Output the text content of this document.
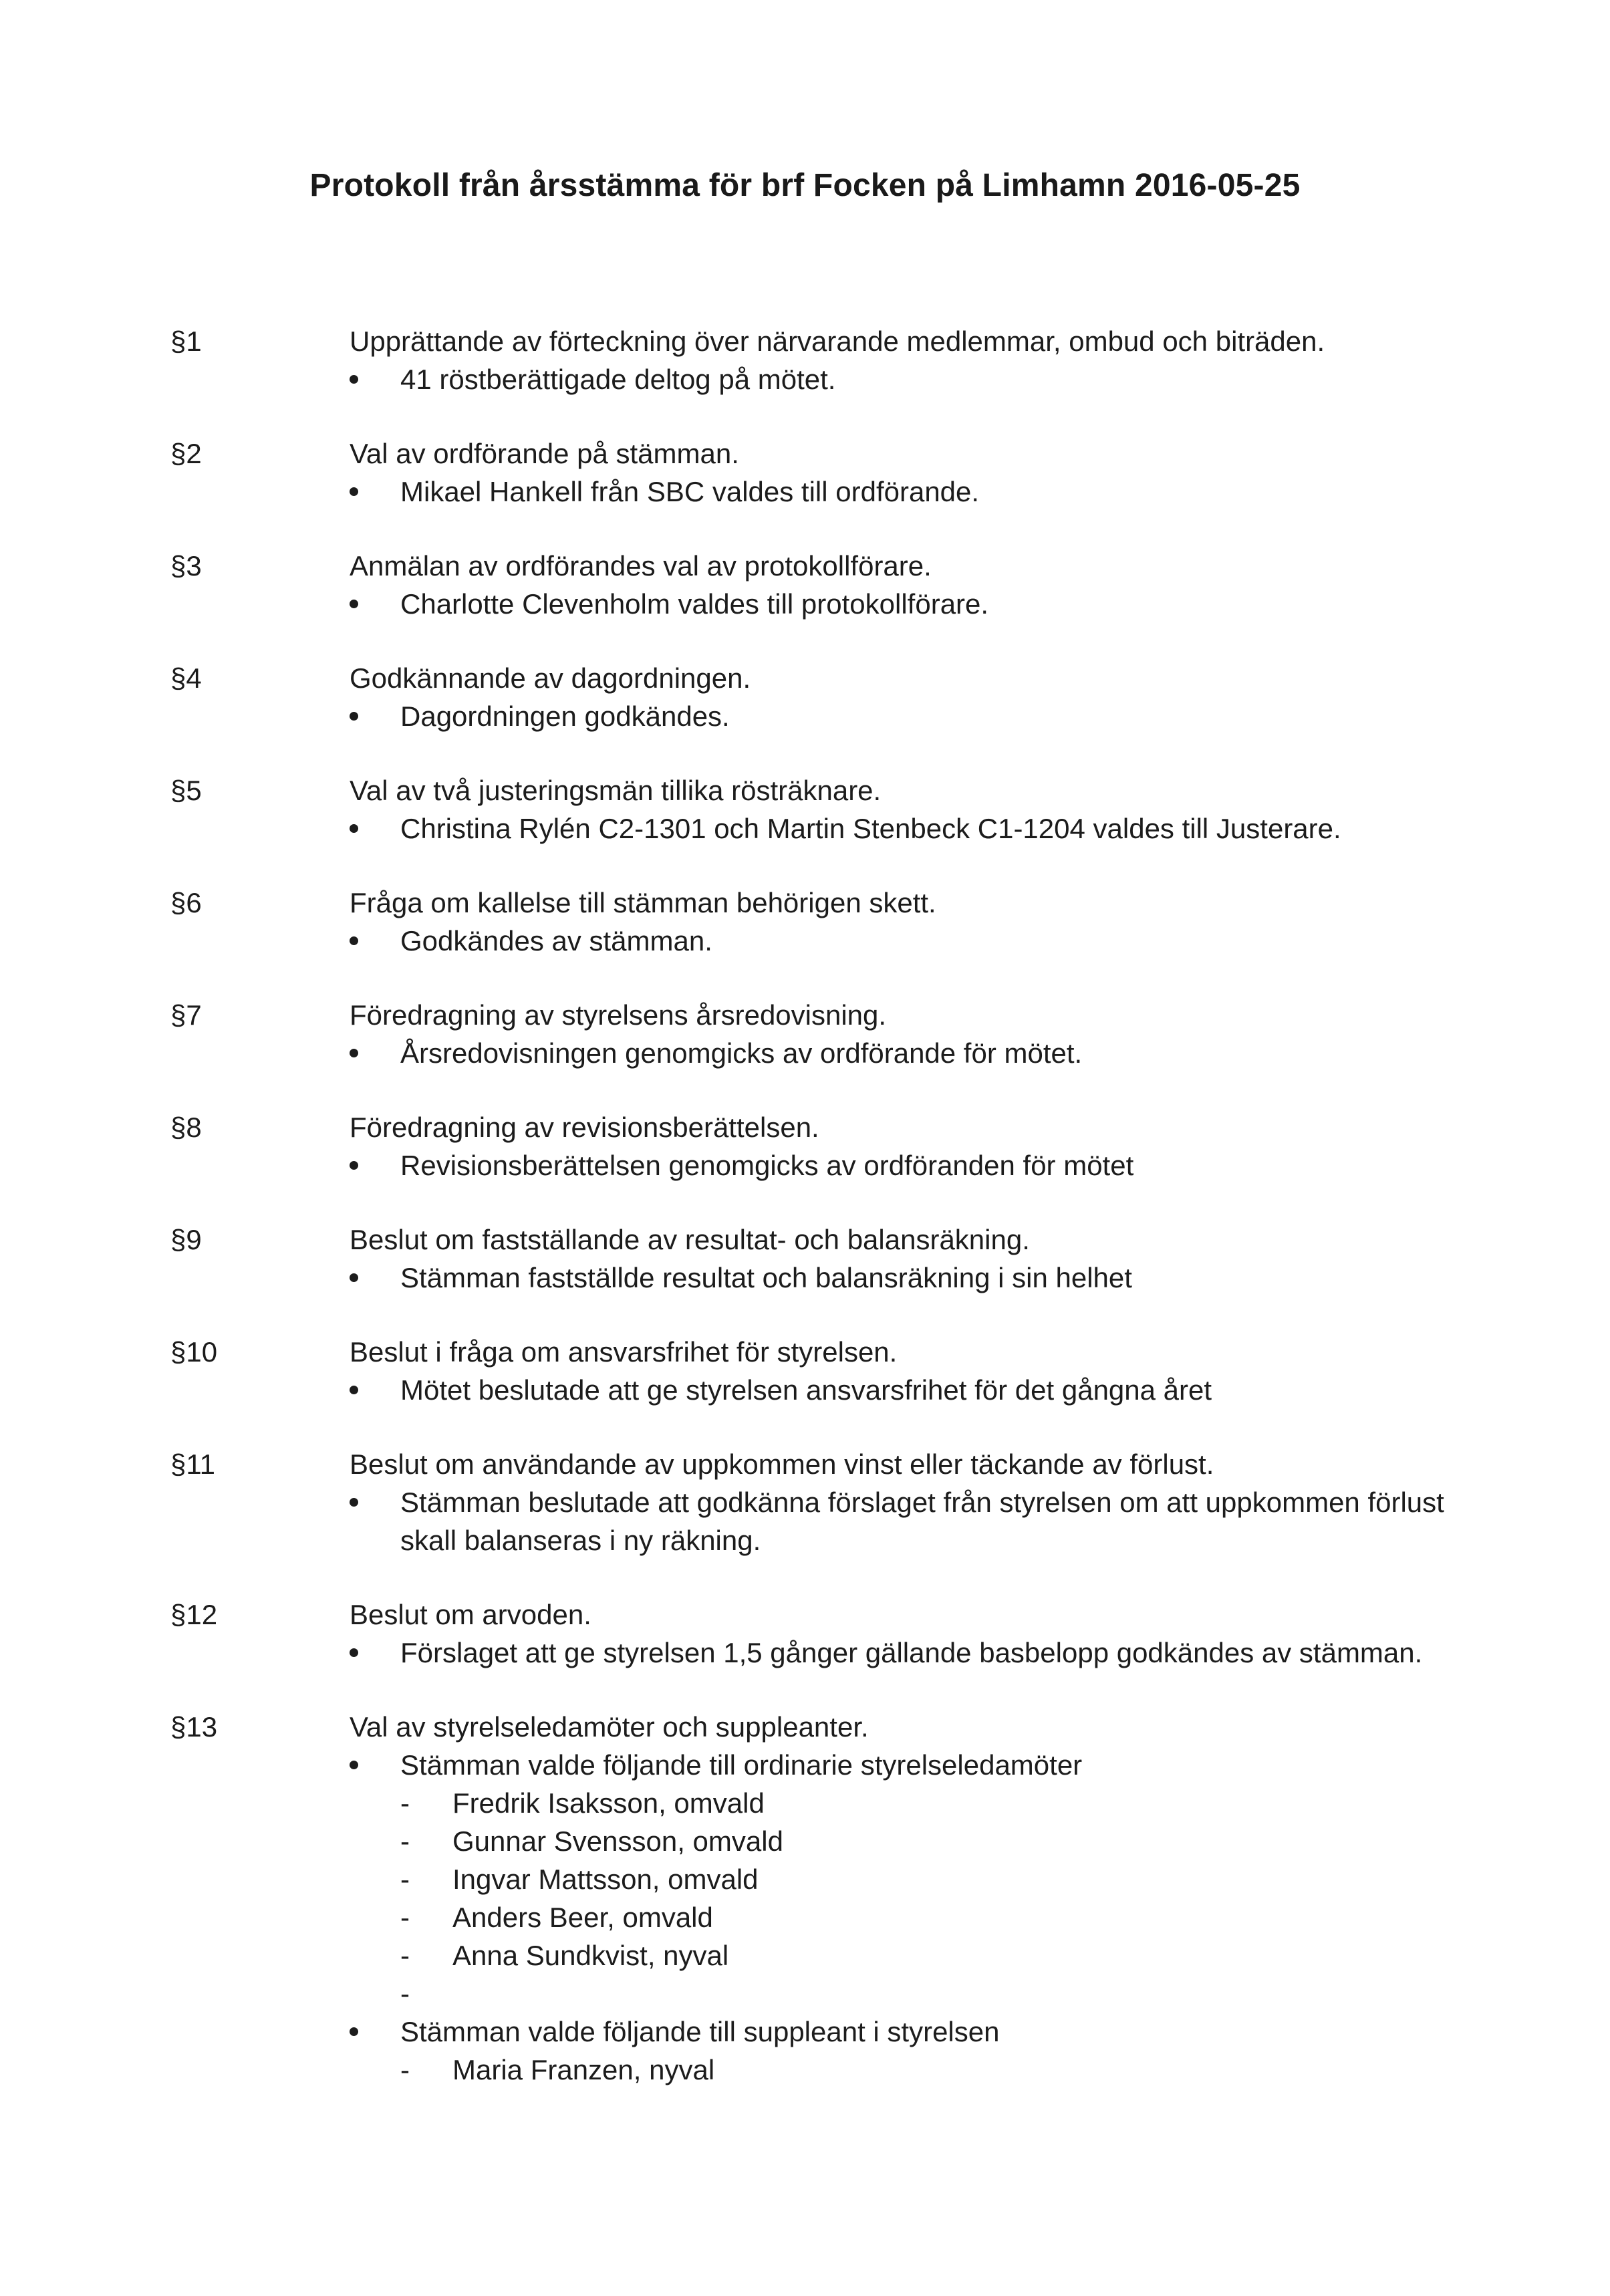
Protokoll från årsstämma för brf Focken på Limhamn 2016-05-25
§1	Upprättande av förteckning över närvarande medlemmar, ombud och biträden.
41 röstberättigade deltog på mötet.
§2	Val av ordförande på stämman.
Mikael Hankell från SBC valdes till ordförande.
§3	Anmälan av ordförandes val av protokollförare.
Charlotte Clevenholm valdes till protokollförare.
§4	Godkännande av dagordningen.
Dagordningen godkändes.
§5	Val av två justeringsmän tillika rösträknare.
Christina Rylén C2-1301 och Martin Stenbeck C1-1204 valdes till Justerare.
§6	Fråga om kallelse till stämman behörigen skett.
Godkändes av stämman.
§7	Föredragning av styrelsens årsredovisning.
Årsredovisningen genomgicks av ordförande för mötet.
§8	Föredragning av revisionsberättelsen.
Revisionsberättelsen genomgicks av ordföranden för mötet
§9	Beslut om fastställande av resultat- och balansräkning.
Stämman fastställde resultat och balansräkning i sin helhet
§10	Beslut i fråga om ansvarsfrihet för styrelsen.
Mötet beslutade att ge styrelsen ansvarsfrihet för det gångna året
§11	Beslut om användande av uppkommen vinst eller täckande av förlust.
Stämman beslutade att godkänna förslaget från styrelsen om att uppkommen förlust skall balanseras i ny räkning.
§12	Beslut om arvoden.
Förslaget att ge styrelsen 1,5 gånger gällande basbelopp godkändes av stämman.
§13	Val av styrelseledamöter och suppleanter.
Stämman valde följande till ordinarie styrelseledamöter
- Fredrik Isaksson, omvald
- Gunnar Svensson, omvald
- Ingvar Mattsson, omvald
- Anders Beer, omvald
- Anna Sundkvist, nyval
-

Stämman valde följande till suppleant i styrelsen
- Maria Franzen, nyval
